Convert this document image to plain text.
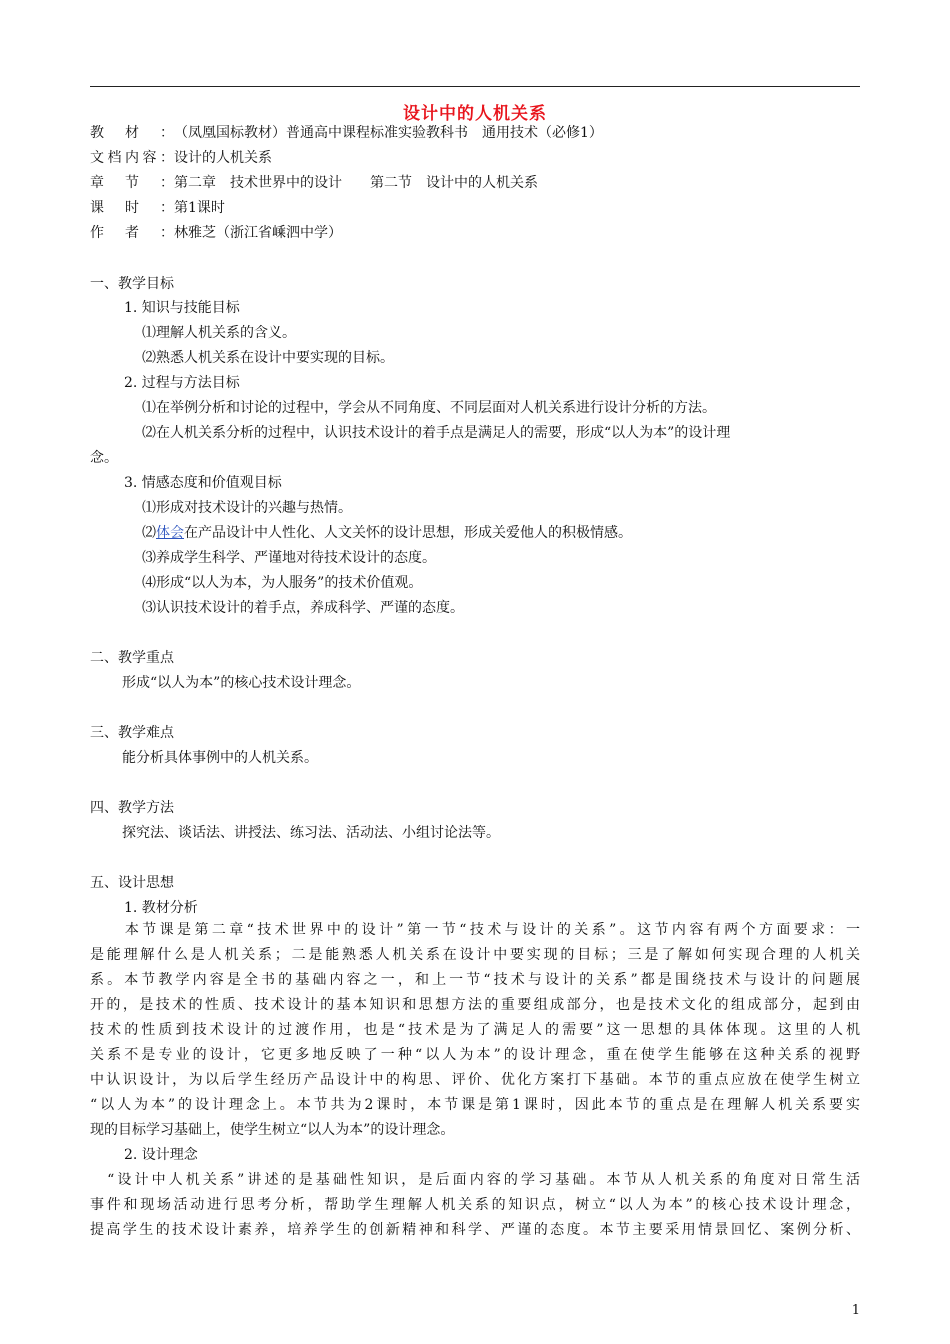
设计中的人机关系
教材：（凤凰国标教材）普通高中课程标准实验教科书　通用技术（必修1）
文档内容：设计的人机关系
章节：第二章　技术世界中的设计　　第二节　设计中的人机关系
课时：第1课时
作者：林雅芝（浙江省嵊泗中学）
一、教学目标
1. 知识与技能目标
⑴理解人机关系的含义。
⑵熟悉人机关系在设计中要实现的目标。
2. 过程与方法目标
⑴在举例分析和讨论的过程中，学会从不同角度、不同层面对人机关系进行设计分析的方法。
⑵在人机关系分析的过程中，认识技术设计的着手点是满足人的需要，形成“以人为本”的设计理
念。
3. 情感态度和价值观目标
⑴形成对技术设计的兴趣与热情。
⑵体会在产品设计中人性化、人文关怀的设计思想，形成关爱他人的积极情感。
⑶养成学生科学、严谨地对待技术设计的态度。
⑷形成“以人为本，为人服务”的技术价值观。
⑶认识技术设计的着手点，养成科学、严谨的态度。
二、教学重点
形成“以人为本”的核心技术设计理念。
三、教学难点
能分析具体事例中的人机关系。
四、教学方法
探究法、谈话法、讲授法、练习法、活动法、小组讨论法等。
五、设计思想
1. 教材分析
　　本节课是第二章“技术世界中的设计”第一节“技术与设计的关系”。这节内容有两个方面要求：一
是能理解什么是人机关系；二是能熟悉人机关系在设计中要实现的目标；三是了解如何实现合理的人机关
系。本节教学内容是全书的基础内容之一，和上一节“技术与设计的关系”都是围绕技术与设计的问题展
开的，是技术的性质、技术设计的基本知识和思想方法的重要组成部分，也是技术文化的组成部分，起到由
技术的性质到技术设计的过渡作用，也是“技术是为了满足人的需要”这一思想的具体体现。这里的人机
关系不是专业的设计，它更多地反映了一种“以人为本”的设计理念，重在使学生能够在这种关系的视野
中认识设计，为以后学生经历产品设计中的构思、评价、优化方案打下基础。本节的重点应放在使学生树立
“以人为本”的设计理念上。本节共为2课时，本节课是第1课时，因此本节的重点是在理解人机关系要实
现的目标学习基础上，使学生树立“以人为本”的设计理念。
2. 设计理念
　“设计中人机关系”讲述的是基础性知识，是后面内容的学习基础。本节从人机关系的角度对日常生活
事件和现场活动进行思考分析，帮助学生理解人机关系的知识点，树立“以人为本”的核心技术设计理念，
提高学生的技术设计素养，培养学生的创新精神和科学、严谨的态度。本节主要采用情景回忆、案例分析、
1
